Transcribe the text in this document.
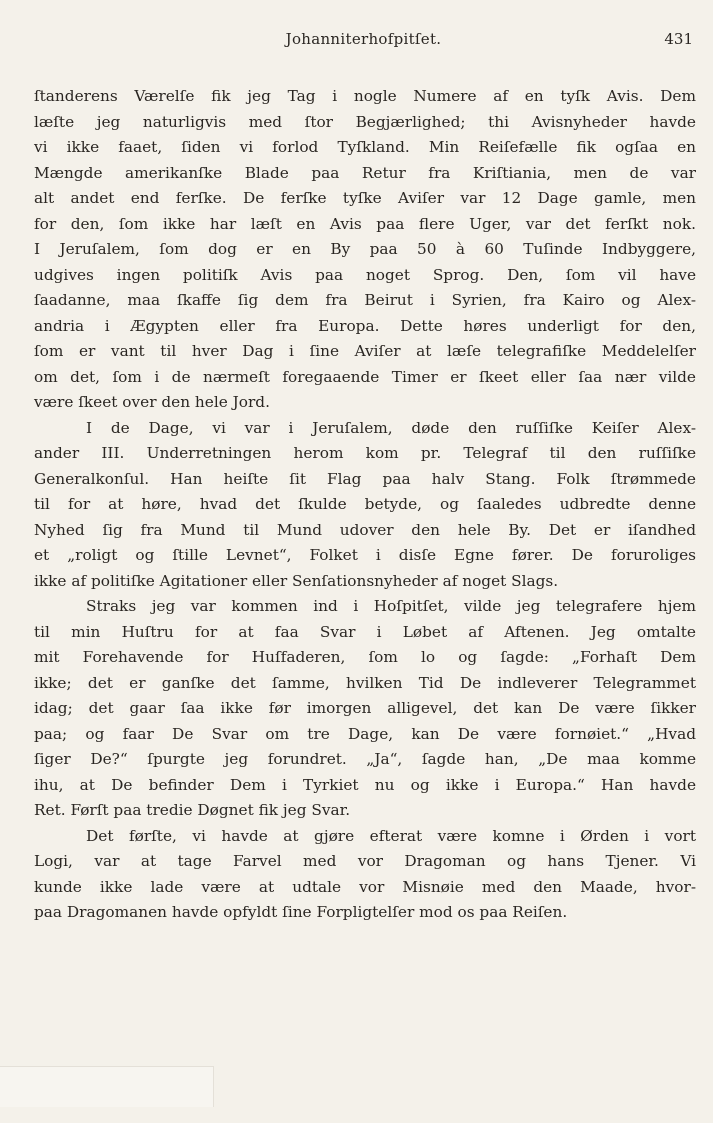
Johanniterhofpitſet.	431
ſtanderens Værelſe fik jeg Tag i nogle Numere af en tyſk Avis. Dem
læſte jeg naturligvis med ſtor Begjærlighed; thi Avisnyheder havde
vi ikke faaet, ſiden vi forlod Tyſkland. Min Reiſefælle fik ogſaa en
Mængde amerikanſke Blade paa Retur fra Kriſtiania, men de var
alt andet end ferſke. De ferſke tyſke Aviſer var 12 Dage gamle, men
for den, ſom ikke har læſt en Avis paa flere Uger, var det ferſkt nok.
I Jeruſalem, ſom dog er en By paa 50 à 60 Tuſinde Indbyggere,
udgives ingen politiſk Avis paa noget Sprog. Den, ſom vil have
ſaadanne, maa ſkaffe ſig dem fra Beirut i Syrien, fra Kairo og Alex-
andria i Ægypten eller fra Europa. Dette høres underligt for den,
ſom er vant til hver Dag i ſine Aviſer at læſe telegrafiſke Meddelelſer
om det, ſom i de nærmeſt foregaaende Timer er ſkeet eller ſaa nær vilde
være ſkeet over den hele Jord.
I de Dage, vi var i Jeruſalem, døde den ruſſiſke Keiſer Alex-
ander III. Underretningen herom kom pr. Telegraf til den ruſſiſke
Generalkonſul. Han heiſte ſit Flag paa halv Stang. Folk ſtrømmede
til for at høre, hvad det ſkulde betyde, og ſaaledes udbredte denne
Nyhed ſig fra Mund til Mund udover den hele By. Det er iſandhed
et „roligt og ſtille Levnet“, Folket i disſe Egne fører. De foruroliges
ikke af politiſke Agitationer eller Senſationsnyheder af noget Slags.
Straks jeg var kommen ind i Hoſpitſet, vilde jeg telegrafere hjem
til min Huſtru for at faa Svar i Løbet af Aftenen. Jeg omtalte
mit Forehavende for Huſfaderen, ſom lo og ſagde: „Forhaſt Dem
ikke; det er ganſke det ſamme, hvilken Tid De indleverer Telegrammet
idag; det gaar ſaa ikke før imorgen alligevel, det kan De være ſikker
paa; og faar De Svar om tre Dage, kan De være fornøiet.“ „Hvad
ſiger De?“ ſpurgte jeg forundret. „Ja“, ſagde han, „De maa komme
ihu, at De befinder Dem i Tyrkiet nu og ikke i Europa.“ Han havde
Ret. Førſt paa tredie Døgnet fik jeg Svar.
Det førſte, vi havde at gjøre efterat være komne i Ørden i vort
Logi, var at tage Farvel med vor Dragoman og hans Tjener. Vi
kunde ikke lade være at udtale vor Misnøie med den Maade, hvor-
paa Dragomanen havde opfyldt ſine Forpligtelſer mod os paa Reiſen.
